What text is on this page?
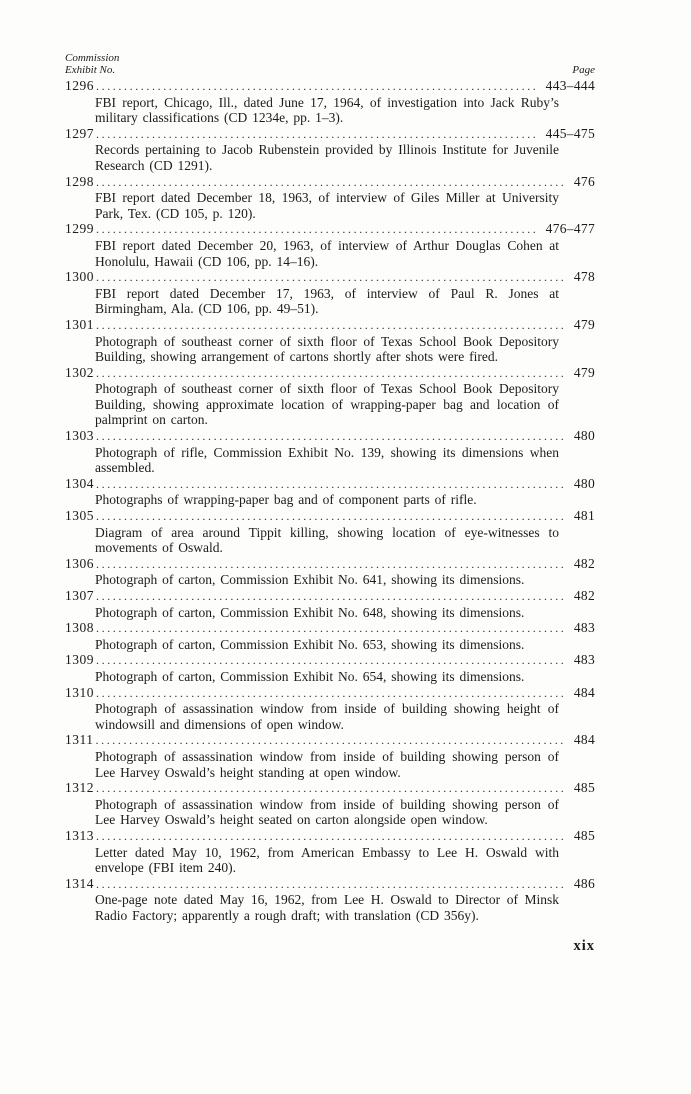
Commission
Exhibit No.	Page
1296 .....	443–444

FBI report, Chicago, Ill., dated June 17, 1964, of investigation into Jack Ruby’s military classifications (CD 1234e, pp. 1–3).

1297 .....	445–475

Records pertaining to Jacob Rubenstein provided by Illinois Institute for Juvenile Research (CD 1291).

1298 .....	476

FBI report dated December 18, 1963, of interview of Giles Miller at University Park, Tex. (CD 105, p. 120).

1299 .....	476–477

FBI report dated December 20, 1963, of interview of Arthur Douglas Cohen at Honolulu, Hawaii (CD 106, pp. 14–16).

1300 .....	478

FBI report dated December 17, 1963, of interview of Paul R. Jones at Birmingham, Ala. (CD 106, pp. 49–51).

1301 .....	479

Photograph of southeast corner of sixth floor of Texas School Book Depository Building, showing arrangement of cartons shortly after shots were fired.

1302 .....	479

Photograph of southeast corner of sixth floor of Texas School Book Depository Building, showing approximate location of wrapping-paper bag and location of palmprint on carton.

1303 .....	480

Photograph of rifle, Commission Exhibit No. 139, showing its dimensions when assembled.

1304 .....	480

Photographs of wrapping-paper bag and of component parts of rifle.

1305 .....	481

Diagram of area around Tippit killing, showing location of eye-witnesses to movements of Oswald.

1306 .....	482

Photograph of carton, Commission Exhibit No. 641, showing its dimensions.

1307 .....	482

Photograph of carton, Commission Exhibit No. 648, showing its dimensions.

1308 .....	483

Photograph of carton, Commission Exhibit No. 653, showing its dimensions.

1309 .....	483

Photograph of carton, Commission Exhibit No. 654, showing its dimensions.

1310 .....	484

Photograph of assassination window from inside of building showing height of windowsill and dimensions of open window.

1311 .....	484

Photograph of assassination window from inside of building showing person of Lee Harvey Oswald’s height standing at open window.

1312 .....	485

Photograph of assassination window from inside of building showing person of Lee Harvey Oswald’s height seated on carton alongside open window.

1313 .....	485

Letter dated May 10, 1962, from American Embassy to Lee H. Oswald with envelope (FBI item 240).

1314 .....	486

One-page note dated May 16, 1962, from Lee H. Oswald to Director of Minsk Radio Factory; apparently a rough draft; with translation (CD 356y).

xix
